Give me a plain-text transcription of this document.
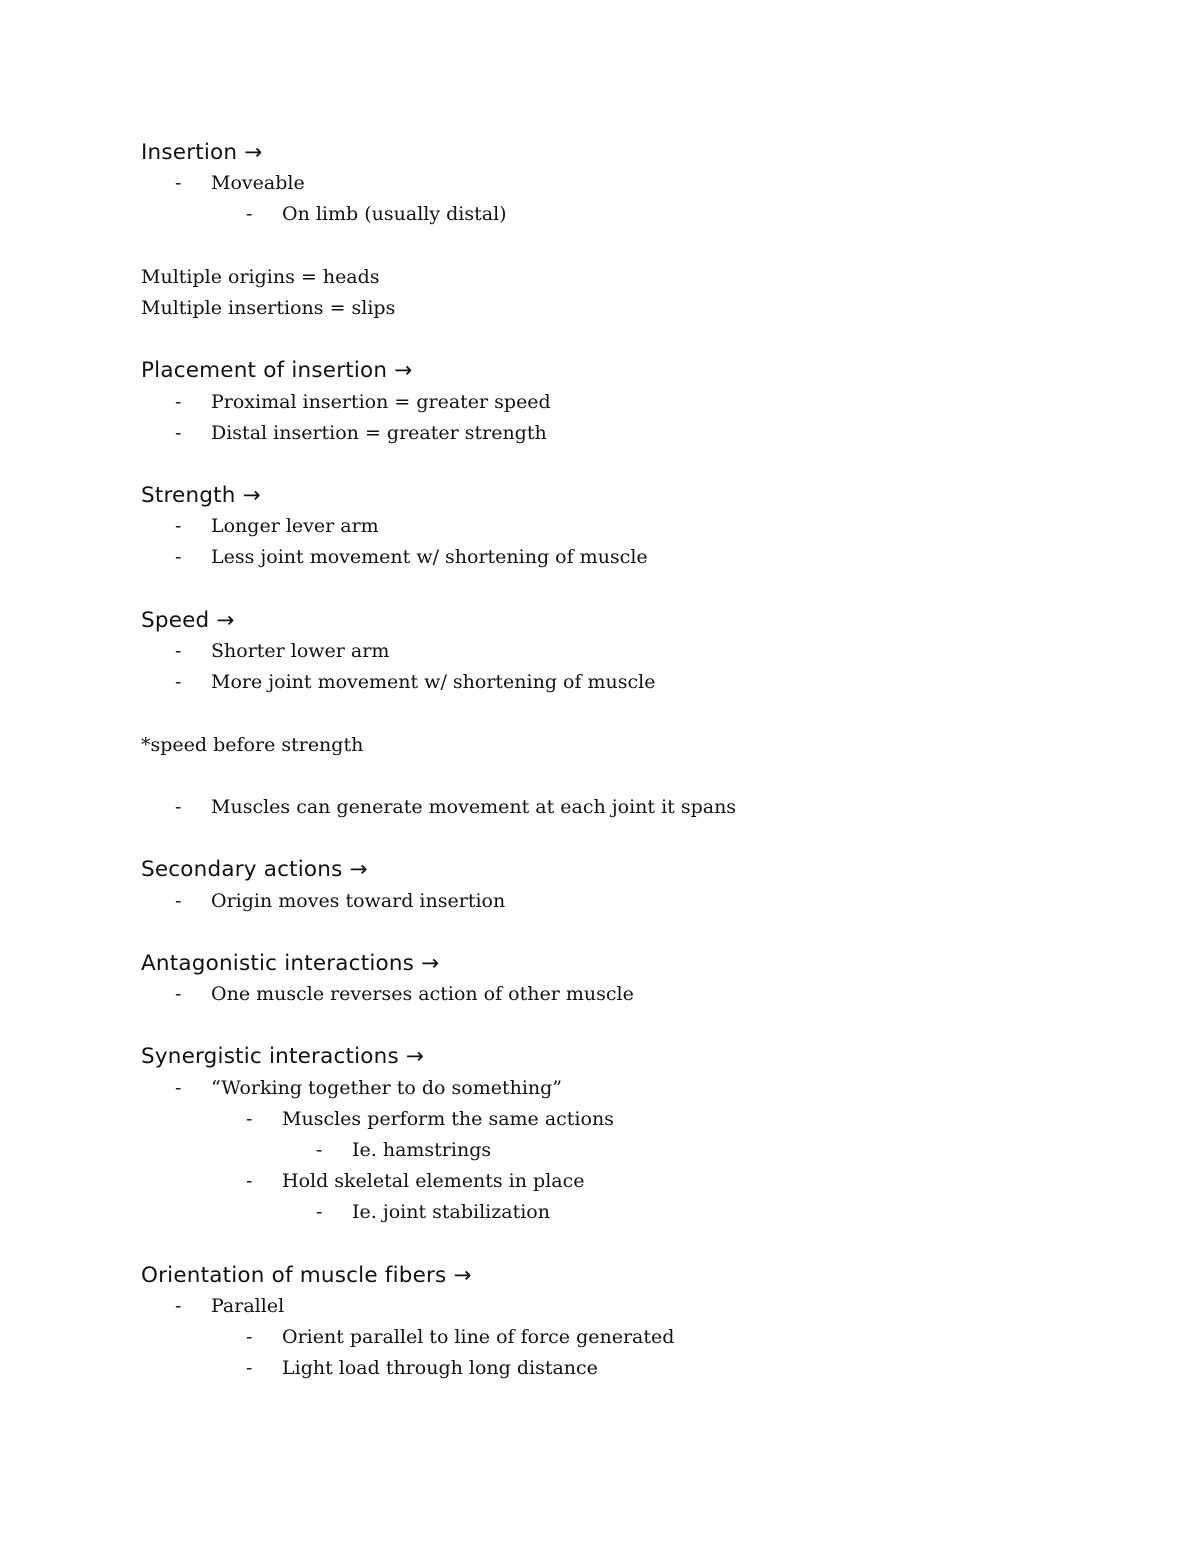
Insertion →
-	Moveable
-	On limb (usually distal)
Multiple origins = heads
Multiple insertions = slips
Placement of insertion →
-	Proximal insertion = greater speed
-	Distal insertion = greater strength
Strength →
-	Longer lever arm
-	Less joint movement w/ shortening of muscle
Speed →
-	Shorter lower arm
-	More joint movement w/ shortening of muscle
*speed before strength
-	Muscles can generate movement at each joint it spans
Secondary actions →
-	Origin moves toward insertion
Antagonistic interactions →
-	One muscle reverses action of other muscle
Synergistic interactions →
-	“Working together to do something”
-	Muscles perform the same actions
-	Ie. hamstrings
-	Hold skeletal elements in place
-	Ie. joint stabilization
Orientation of muscle fibers →
-	Parallel
-	Orient parallel to line of force generated
-	Light load through long distance
